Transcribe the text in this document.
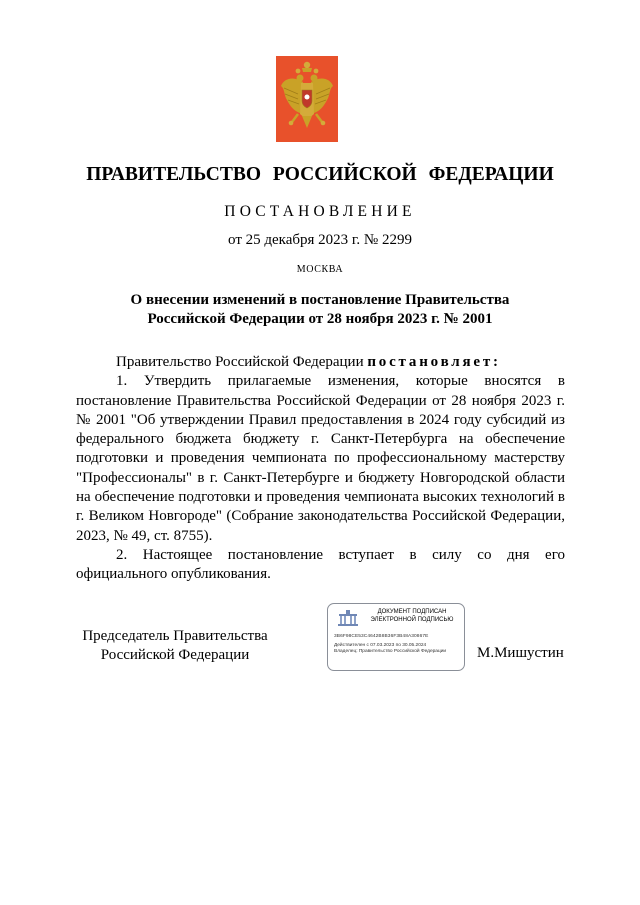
ПРАВИТЕЛЬСТВО РОССИЙСКОЙ ФЕДЕРАЦИИ
ПОСТАНОВЛЕНИЕ
от 25 декабря 2023 г. № 2299
МОСКВА
О внесении изменений в постановление Правительства
Российской Федерации от 28 ноября 2023 г. № 2001

Правительство Российской Федерации постановляет:

1. Утвердить прилагаемые изменения, которые вносятся в постановление Правительства Российской Федерации от 28 ноября 2023 г. № 2001 "Об утверждении Правил предоставления в 2024 году субсидий из федерального бюджета бюджету г. Санкт-Петербурга на обеспечение подготовки и проведения чемпионата по профессиональному мастерству "Профессионалы" в г. Санкт-Петербурге и бюджету Новгородской области на обеспечение подготовки и проведения чемпионата высоких технологий в г. Великом Новгороде" (Собрание законодательства Российской Федерации, 2023, № 49, ст. 8755).

2. Настоящее постановление вступает в силу со дня его официального опубликования.

Председатель Правительства
Российской Федерации
ДОКУМЕНТ ПОДПИСАН
ЭЛЕКТРОННОЙ ПОДПИСЬЮ
3B6F98CE53C4642B8B36F3B48A30867E
Действителен с 07.03.2023 по 30.05.2024
Владелец: Правительство Российской Федерации	М.Мишустин
